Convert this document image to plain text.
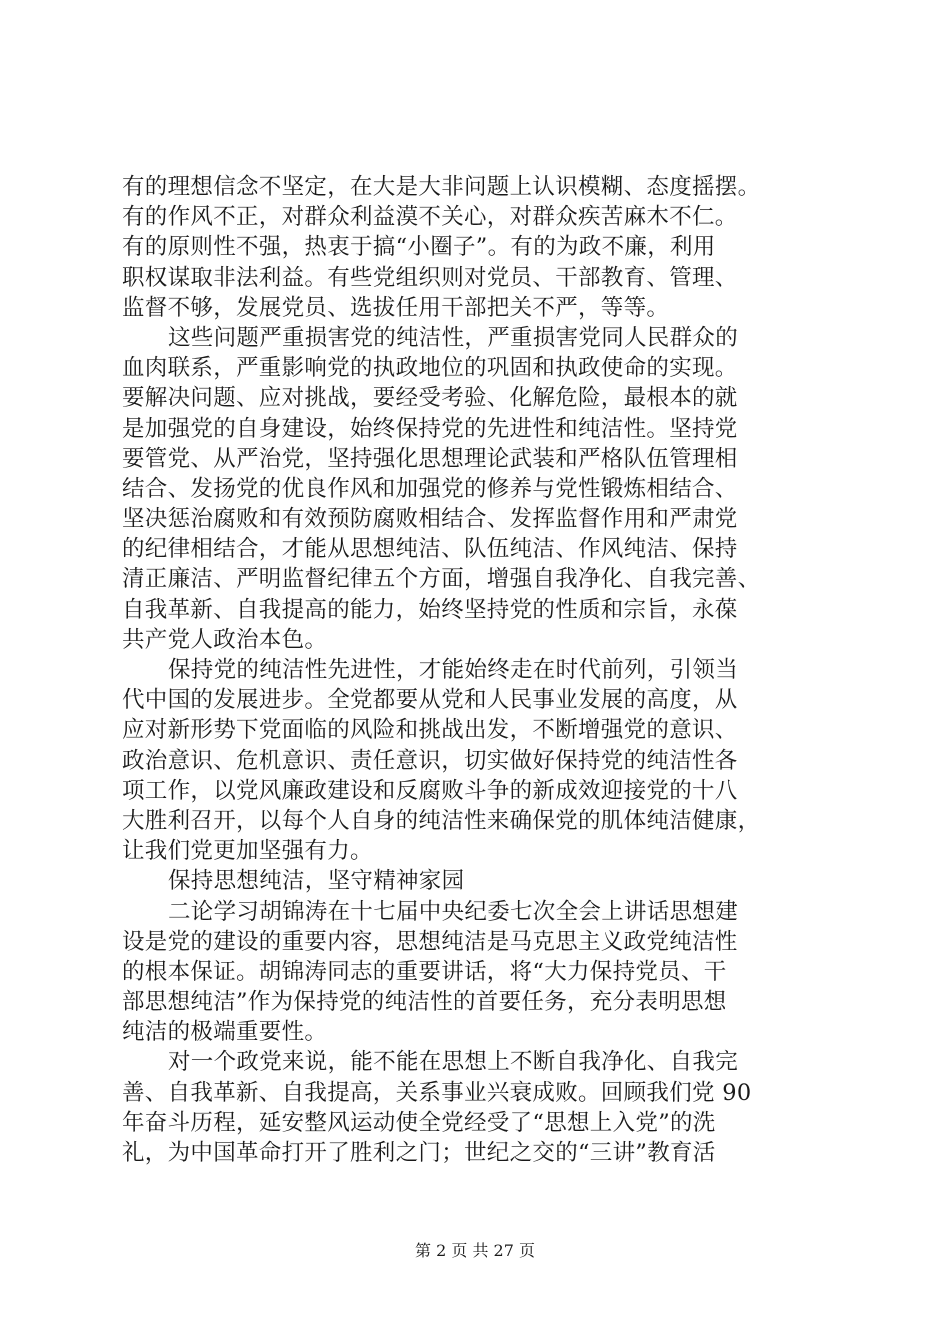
有的理想信念不坚定，在大是大非问题上认识模糊、态度摇摆。
有的作风不正，对群众利益漠不关心，对群众疾苦麻木不仁。
有的原则性不强，热衷于搞“小圈子”。有的为政不廉，利用
职权谋取非法利益。有些党组织则对党员、干部教育、管理、
监督不够，发展党员、选拔任用干部把关不严，等等。
这些问题严重损害党的纯洁性，严重损害党同人民群众的
血肉联系，严重影响党的执政地位的巩固和执政使命的实现。
要解决问题、应对挑战，要经受考验、化解危险，最根本的就
是加强党的自身建设，始终保持党的先进性和纯洁性。坚持党
要管党、从严治党，坚持强化思想理论武装和严格队伍管理相
结合、发扬党的优良作风和加强党的修养与党性锻炼相结合、
坚决惩治腐败和有效预防腐败相结合、发挥监督作用和严肃党
的纪律相结合，才能从思想纯洁、队伍纯洁、作风纯洁、保持
清正廉洁、严明监督纪律五个方面，增强自我净化、自我完善、
自我革新、自我提高的能力，始终坚持党的性质和宗旨，永葆
共产党人政治本色。
保持党的纯洁性先进性，才能始终走在时代前列，引领当
代中国的发展进步。全党都要从党和人民事业发展的高度，从
应对新形势下党面临的风险和挑战出发，不断增强党的意识、
政治意识、危机意识、责任意识，切实做好保持党的纯洁性各
项工作，以党风廉政建设和反腐败斗争的新成效迎接党的十八
大胜利召开，以每个人自身的纯洁性来确保党的肌体纯洁健康，
让我们党更加坚强有力。
保持思想纯洁，坚守精神家园
二论学习胡锦涛在十七届中央纪委七次全会上讲话思想建
设是党的建设的重要内容，思想纯洁是马克思主义政党纯洁性
的根本保证。胡锦涛同志的重要讲话，将“大力保持党员、干
部思想纯洁”作为保持党的纯洁性的首要任务，充分表明思想
纯洁的极端重要性。
对一个政党来说，能不能在思想上不断自我净化、自我完
善、自我革新、自我提高，关系事业兴衰成败。回顾我们党 90
年奋斗历程，延安整风运动使全党经受了“思想上入党”的洗
礼，为中国革命打开了胜利之门；世纪之交的“三讲”教育活
第 2 页 共 27 页
